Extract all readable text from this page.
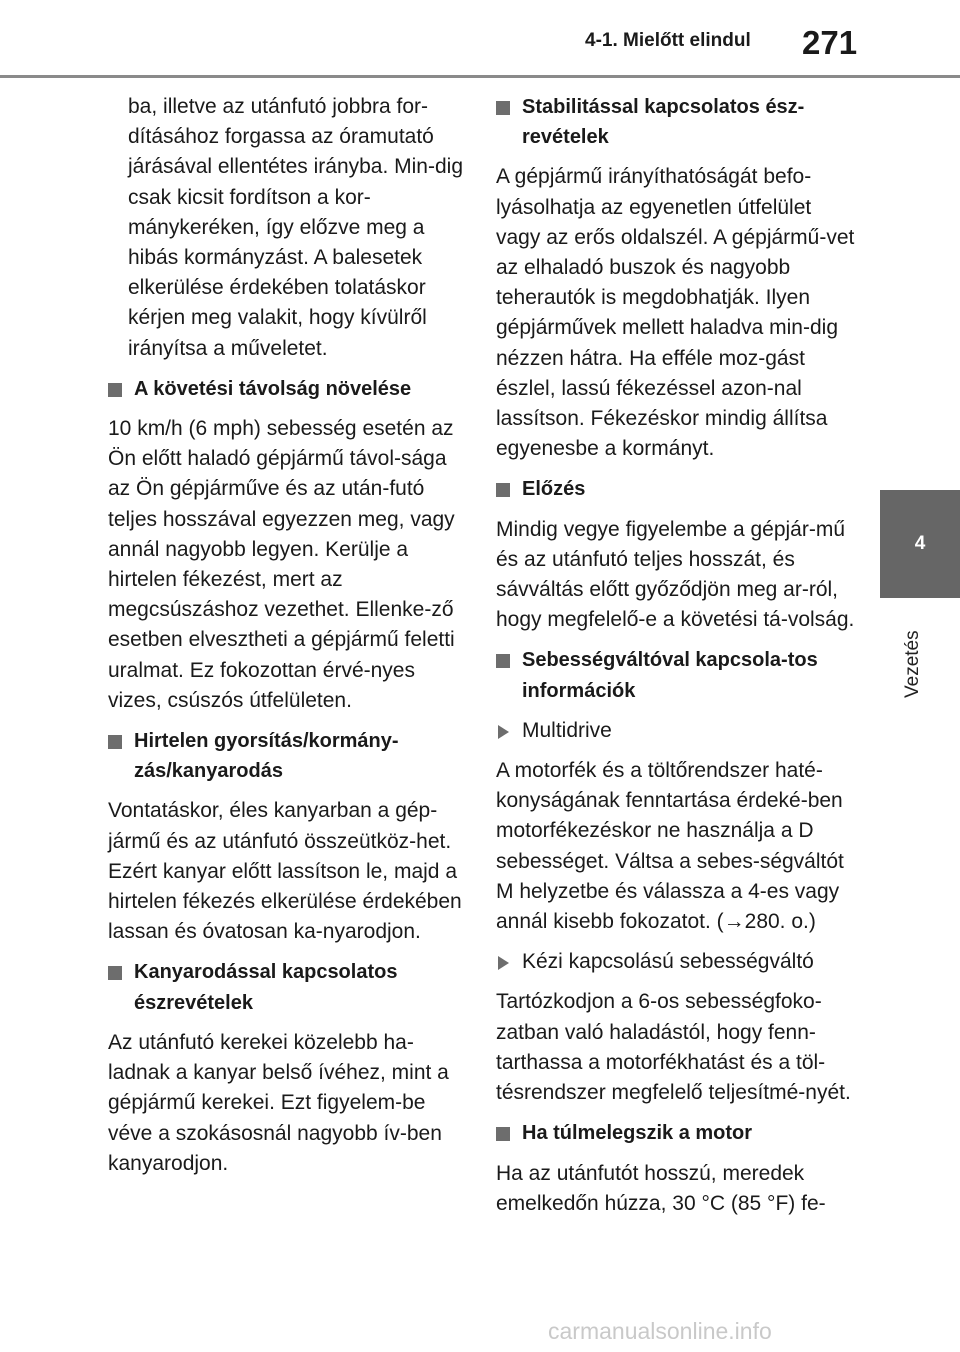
4-1. Mielőtt elindul 271
4
Vezetés

ba, illetve az utánfutó jobbra for-dításához forgassa az óramutató járásával ellentétes irányba. Min-dig csak kicsit fordítson a kor-mánykeréken, így előzve meg a hibás kormányzást. A balesetek elkerülése érdekében tolatáskor kérjen meg valakit, hogy kívülről irányítsa a műveletet.

A követési távolság növelése

10 km/h (6 mph) sebesség esetén az Ön előtt haladó gépjármű távol-sága az Ön gépjárműve és az után-futó teljes hosszával egyezzen meg, vagy annál nagyobb legyen. Kerülje a hirtelen fékezést, mert az megcsúszáshoz vezethet. Ellenke-ző esetben elvesztheti a gépjármű feletti uralmat. Ez fokozottan érvé-nyes vizes, csúszós útfelületen.

Hirtelen gyorsítás/kormány-zás/kanyarodás

Vontatáskor, éles kanyarban a gép-jármű és az utánfutó összeütköz-het. Ezért kanyar előtt lassítson le, majd a hirtelen fékezés elkerülése érdekében lassan és óvatosan ka-nyarodjon.

Kanyarodással kapcsolatos észrevételek

Az utánfutó kerekei közelebb ha-ladnak a kanyar belső ívéhez, mint a gépjármű kerekei. Ezt figyelem-be véve a szokásosnál nagyobb ív-ben kanyarodjon.

Stabilitással kapcsolatos ész-revételek

A gépjármű irányíthatóságát befo-lyásolhatja az egyenetlen útfelület vagy az erős oldalszél. A gépjármű-vet az elhaladó buszok és nagyobb teherautók is megdobhatják. Ilyen gépjárművek mellett haladva min-dig nézzen hátra. Ha efféle moz-gást észlel, lassú fékezéssel azon-nal lassítson. Fékezéskor mindig állítsa egyenesbe a kormányt.

Előzés

Mindig vegye figyelembe a gépjár-mű és az utánfutó teljes hosszát, és sávváltás előtt győződjön meg ar-ról, hogy megfelelő-e a követési tá-volság.

Sebességváltóval kapcsola-tos információk
Multidrive

A motorfék és a töltőrendszer haté-konyságának fenntartása érdeké-ben motorfékezéskor ne használja a D sebességet. Váltsa a sebes-ségváltót M helyzetbe és válassza a 4-es vagy annál kisebb fokozatot. (→280. o.)

Kézi kapcsolású sebességváltó

Tartózkodjon a 6-os sebességfoko-zatban való haladástól, hogy fenn-tarthassa a motorfékhatást és a töl-tésrendszer megfelelő teljesítmé-nyét.

Ha túlmelegszik a motor

Ha az utánfutót hosszú, meredek emelkedőn húzza, 30 °C (85 °F) fe-

carmanualsonline.info
